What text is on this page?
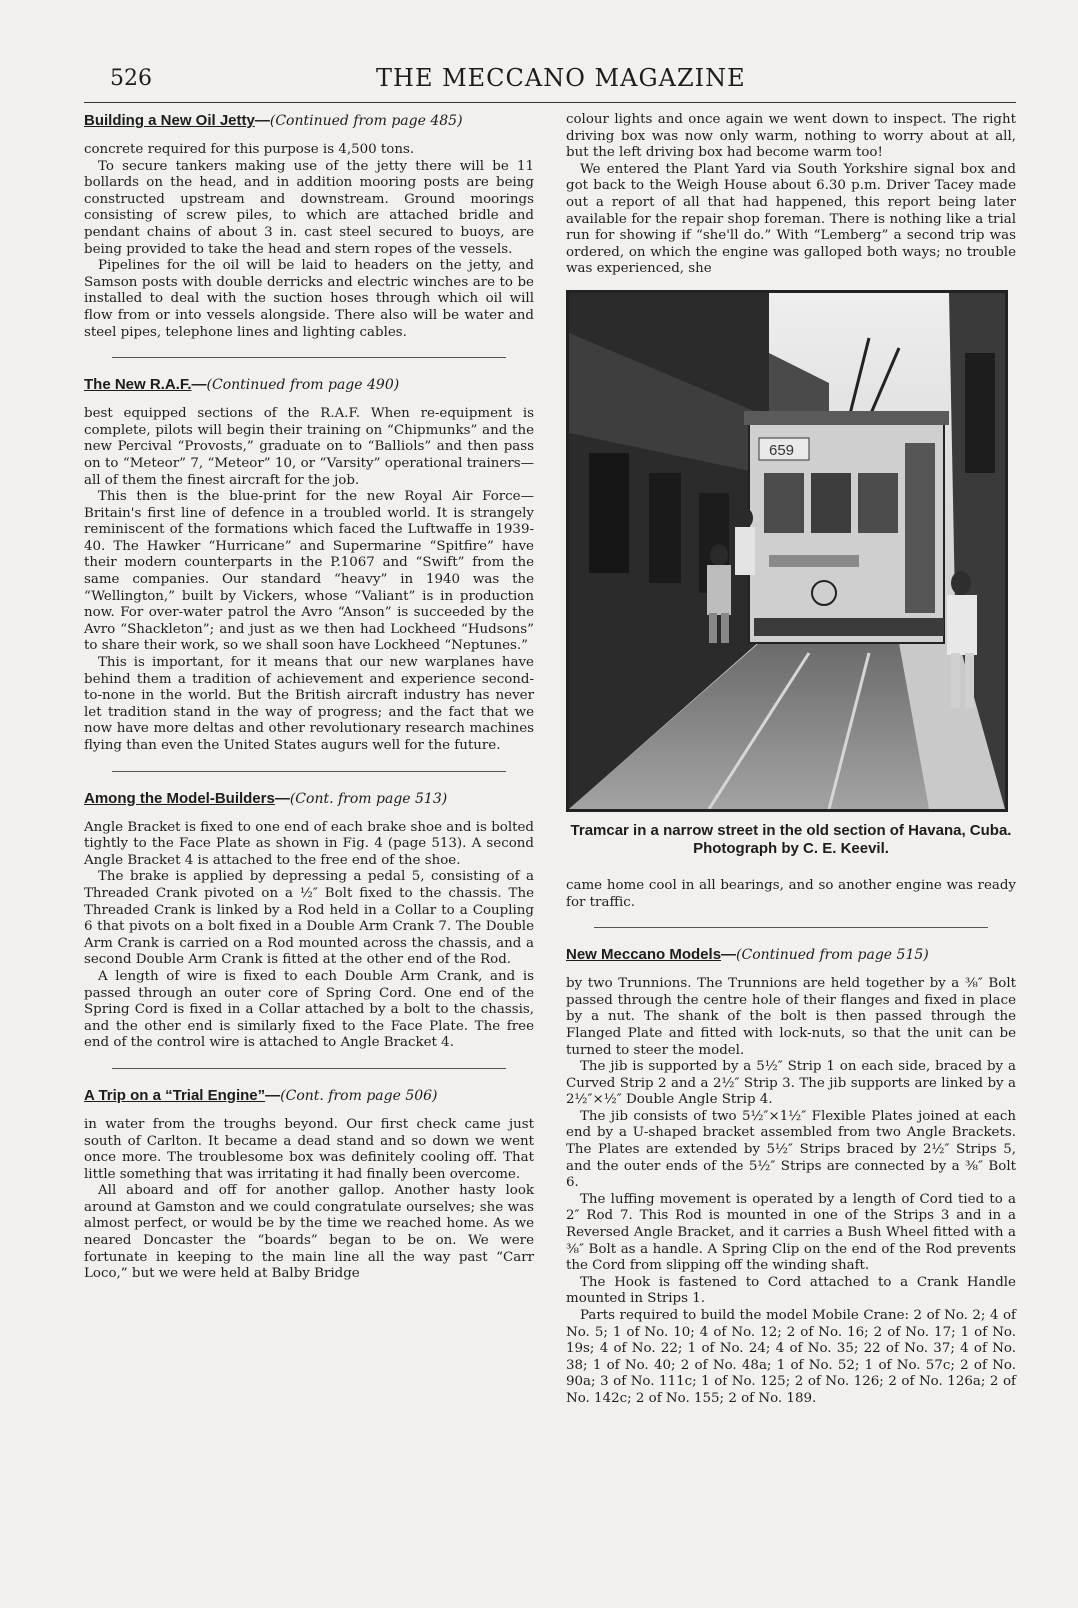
526	THE MECCANO MAGAZINE
Building a New Oil Jetty—(Continued from page 485)

concrete required for this purpose is 4,500 tons.

To secure tankers making use of the jetty there will be 11 bollards on the head, and in addition mooring posts are being constructed upstream and downstream. Ground moorings consisting of screw piles, to which are attached bridle and pendant chains of about 3 in. cast steel secured to buoys, are being provided to take the head and stern ropes of the vessels.

Pipelines for the oil will be laid to headers on the jetty, and Samson posts with double derricks and electric winches are to be installed to deal with the suction hoses through which oil will flow from or into vessels alongside. There also will be water and steel pipes, telephone lines and lighting cables.

The New R.A.F.—(Continued from page 490)

best equipped sections of the R.A.F. When re-equipment is complete, pilots will begin their training on “Chipmunks” and the new Percival “Provosts,” graduate on to “Balliols” and then pass on to “Meteor” 7, “Meteor” 10, or “Varsity” operational trainers—all of them the finest aircraft for the job.

This then is the blue-print for the new Royal Air Force—Britain's first line of defence in a troubled world. It is strangely reminiscent of the formations which faced the Luftwaffe in 1939-40. The Hawker “Hurricane” and Supermarine “Spitfire” have their modern counterparts in the P.1067 and “Swift” from the same companies. Our standard “heavy” in 1940 was the “Wellington,” built by Vickers, whose “Valiant” is in production now. For over-water patrol the Avro “Anson” is succeeded by the Avro “Shackleton”; and just as we then had Lockheed “Hudsons” to share their work, so we shall soon have Lockheed “Neptunes.”

This is important, for it means that our new warplanes have behind them a tradition of achievement and experience second-to-none in the world. But the British aircraft industry has never let tradition stand in the way of progress; and the fact that we now have more deltas and other revolutionary research machines flying than even the United States augurs well for the future.

Among the Model-Builders—(Cont. from page 513)

Angle Bracket is fixed to one end of each brake shoe and is bolted tightly to the Face Plate as shown in Fig. 4 (page 513). A second Angle Bracket 4 is attached to the free end of the shoe.

The brake is applied by depressing a pedal 5, consisting of a Threaded Crank pivoted on a ½″ Bolt fixed to the chassis. The Threaded Crank is linked by a Rod held in a Collar to a Coupling 6 that pivots on a bolt fixed in a Double Arm Crank 7. The Double Arm Crank is carried on a Rod mounted across the chassis, and a second Double Arm Crank is fitted at the other end of the Rod.

A length of wire is fixed to each Double Arm Crank, and is passed through an outer core of Spring Cord. One end of the Spring Cord is fixed in a Collar attached by a bolt to the chassis, and the other end is similarly fixed to the Face Plate. The free end of the control wire is attached to Angle Bracket 4.

A Trip on a “Trial Engine”—(Cont. from page 506)

in water from the troughs beyond. Our first check came just south of Carlton. It became a dead stand and so down we went once more. The troublesome box was definitely cooling off. That little something that was irritating it had finally been overcome.

All aboard and off for another gallop. Another hasty look around at Gamston and we could congratulate ourselves; she was almost perfect, or would be by the time we reached home. As we neared Doncaster the “boards” began to be on. We were fortunate in keeping to the main line all the way past “Carr Loco,” but we were held at Balby Bridge

colour lights and once again we went down to inspect. The right driving box was now only warm, nothing to worry about at all, but the left driving box had become warm too!

We entered the Plant Yard via South Yorkshire signal box and got back to the Weigh House about 6.30 p.m. Driver Tacey made out a report of all that had happened, this report being later available for the repair shop foreman. There is nothing like a trial run for showing if “she'll do.” With “Lemberg” a second trip was ordered, on which the engine was galloped both ways; no trouble was experienced, she

659
Tramcar in a narrow street in the old section of Havana, Cuba. Photograph by C. E. Keevil.

came home cool in all bearings, and so another engine was ready for traffic.

New Meccano Models—(Continued from page 515)

by two Trunnions. The Trunnions are held together by a ⅜″ Bolt passed through the centre hole of their flanges and fixed in place by a nut. The shank of the bolt is then passed through the Flanged Plate and fitted with lock-nuts, so that the unit can be turned to steer the model.

The jib is supported by a 5½″ Strip 1 on each side, braced by a Curved Strip 2 and a 2½″ Strip 3. The jib supports are linked by a 2½″×½″ Double Angle Strip 4.

The jib consists of two 5½″×1½″ Flexible Plates joined at each end by a U-shaped bracket assembled from two Angle Brackets. The Plates are extended by 5½″ Strips braced by 2½″ Strips 5, and the outer ends of the 5½″ Strips are connected by a ⅜″ Bolt 6.

The luffing movement is operated by a length of Cord tied to a 2″ Rod 7. This Rod is mounted in one of the Strips 3 and in a Reversed Angle Bracket, and it carries a Bush Wheel fitted with a ⅜″ Bolt as a handle. A Spring Clip on the end of the Rod prevents the Cord from slipping off the winding shaft.

The Hook is fastened to Cord attached to a Crank Handle mounted in Strips 1.

Parts required to build the model Mobile Crane: 2 of No. 2; 4 of No. 5; 1 of No. 10; 4 of No. 12; 2 of No. 16; 2 of No. 17; 1 of No. 19s; 4 of No. 22; 1 of No. 24; 4 of No. 35; 22 of No. 37; 4 of No. 38; 1 of No. 40; 2 of No. 48a; 1 of No. 52; 1 of No. 57c; 2 of No. 90a; 3 of No. 111c; 1 of No. 125; 2 of No. 126; 2 of No. 126a; 2 of No. 142c; 2 of No. 155; 2 of No. 189.
